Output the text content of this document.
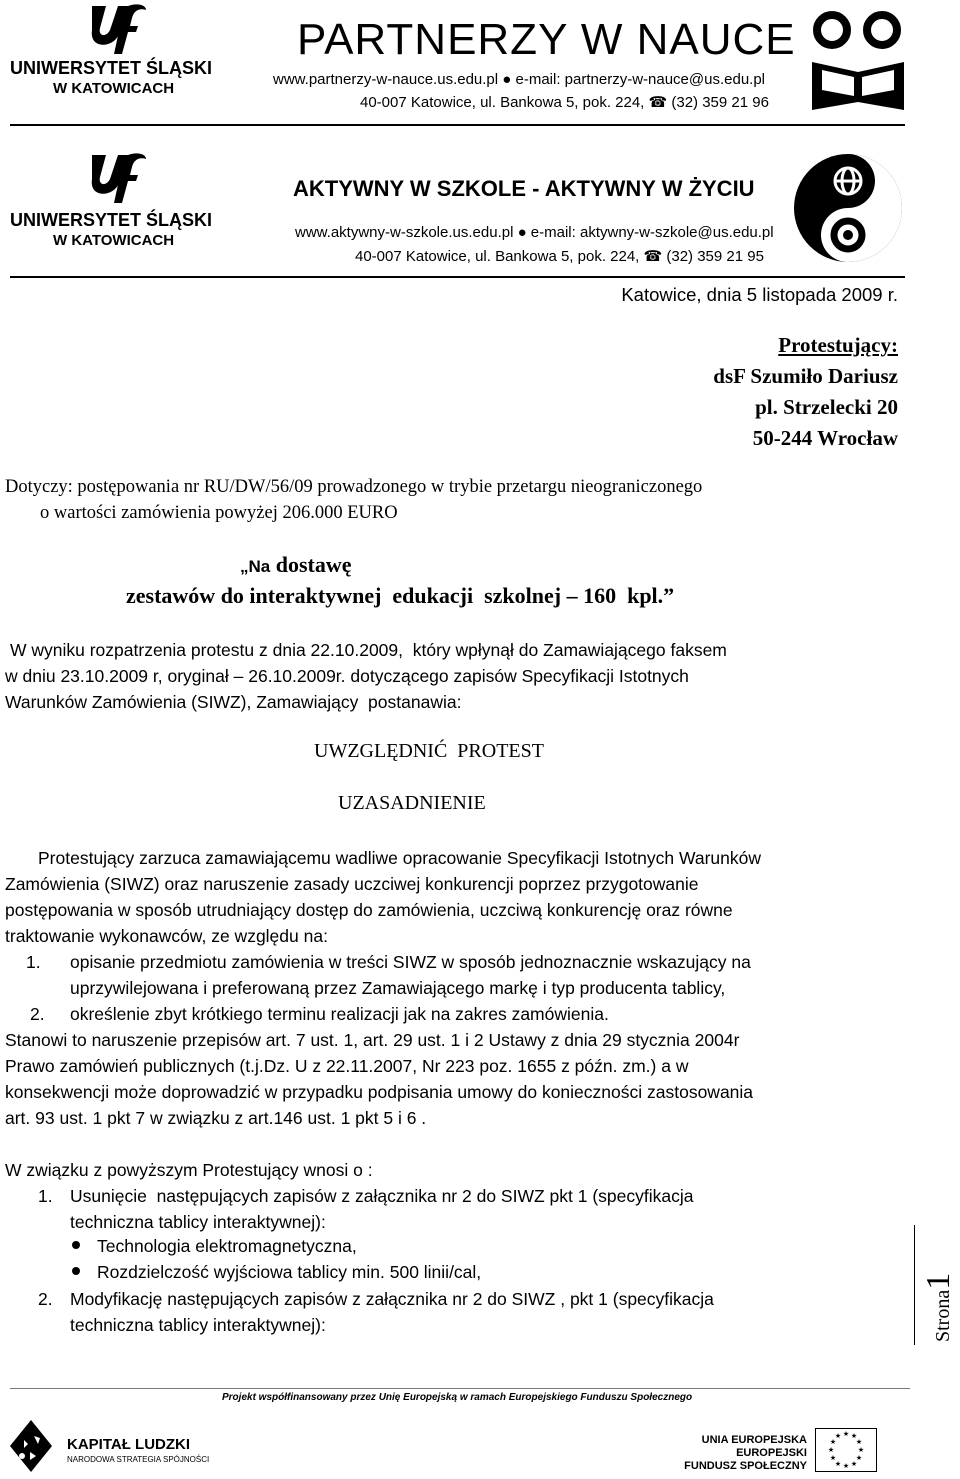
UNIWERSYTET ŚLĄSKI
W KATOWICACH
PARTNERZY W NAUCE
www.partnerzy-w-nauce.us.edu.pl ● e-mail: partnerzy-w-nauce@us.edu.pl
40-007 Katowice, ul. Bankowa 5, pok. 224, ☎ (32) 359 21 96
UNIWERSYTET ŚLĄSKI
W KATOWICACH
AKTYWNY W SZKOLE - AKTYWNY W ŻYCIU
www.aktywny-w-szkole.us.edu.pl ● e-mail: aktywny-w-szkole@us.edu.pl
40-007 Katowice, ul. Bankowa 5, pok. 224, ☎ (32) 359 21 95
Katowice, dnia 5 listopada 2009 r.
Protestujący:
dsF Szumiło Dariusz
pl. Strzelecki 20
50-244 Wrocław
Dotyczy: postępowania nr RU/DW/56/09 prowadzonego w trybie przetargu nieograniczonego
o wartości zamówienia powyżej 206.000 EURO
„Na dostawę
zestawów do interaktywnej  edukacji  szkolnej – 160  kpl.”
W wyniku rozpatrzenia protestu z dnia 22.10.2009,  który wpłynął do Zamawiającego faksem
w dniu 23.10.2009 r, oryginał – 26.10.2009r. dotyczącego zapisów Specyfikacji Istotnych
Warunków Zamówienia (SIWZ), Zamawiający  postanawia:
UWZGLĘDNIĆ  PROTEST
UZASADNIENIE
Protestujący zarzuca zamawiającemu wadliwe opracowanie Specyfikacji Istotnych Warunków
Zamówienia (SIWZ) oraz naruszenie zasady uczciwej konkurencji poprzez przygotowanie
postępowania w sposób utrudniający dostęp do zamówienia, uczciwą konkurencję oraz równe
traktowanie wykonawców, ze względu na:
1. opisanie przedmiotu zamówienia w treści SIWZ w sposób jednoznacznie wskazujący na
uprzywilejowana i preferowaną przez Zamawiającego markę i typ producenta tablicy,
2. określenie zbyt krótkiego terminu realizacji jak na zakres zamówienia.
Stanowi to naruszenie przepisów art. 7 ust. 1, art. 29 ust. 1 i 2 Ustawy z dnia 29 stycznia 2004r
Prawo zamówień publicznych (t.j.Dz. U z 22.11.2007, Nr 223 poz. 1655 z późn. zm.) a w
konsekwencji może doprowadzić w przypadku podpisania umowy do konieczności zastosowania
art. 93 ust. 1 pkt 7 w związku z art.146 ust. 1 pkt 5 i 6 .
W związku z powyższym Protestujący wnosi o :
1. Usunięcie  następujących zapisów z załącznika nr 2 do SIWZ pkt 1 (specyfikacja
techniczna tablicy interaktywnej):
Technologia elektromagnetyczna,
Rozdzielczość wyjściowa tablicy min. 500 linii/cal,
2. Modyfikację następujących zapisów z załącznika nr 2 do SIWZ , pkt 1 (specyfikacja
techniczna tablicy interaktywnej):	Strona1
Projekt współfinansowany przez Unię Europejską w ramach Europejskiego Funduszu Społecznego
KAPITAŁ LUDZKI
NARODOWA STRATEGIA SPÓJNOŚCI
UNIA EUROPEJSKA
EUROPEJSKI
FUNDUSZ SPOŁECZNY
★ ★
★
★
★
★
★
★
★
★
★
★
